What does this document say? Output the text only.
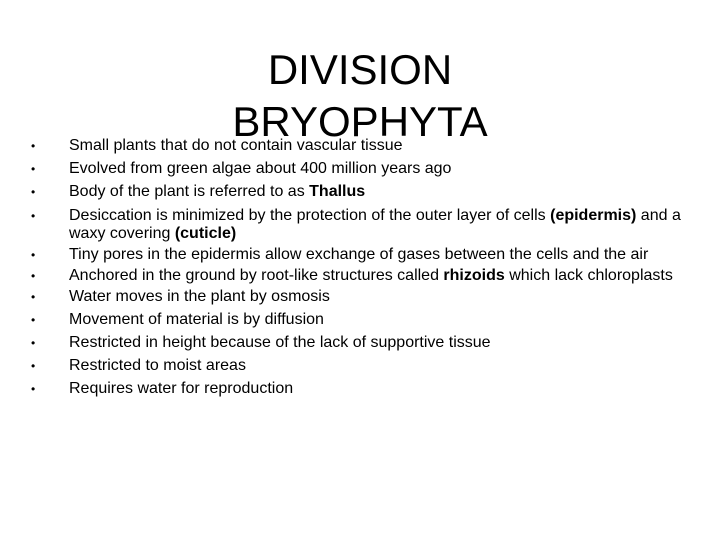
DIVISION
BRYOPHYTA
•	Small plants that do not contain vascular tissue
•	Evolved from green algae about 400 million years ago
•	Body of the plant is referred to as Thallus
•	Desiccation is minimized by the protection of the outer layer of cells (epidermis) and a waxy covering (cuticle)
•	Tiny pores in the epidermis allow exchange of gases between the cells and the air
•	Anchored in the ground by root-like structures called rhizoids which lack chloroplasts
•	Water moves in the plant by osmosis
•	Movement of material is by diffusion
•	Restricted in height because of the lack of supportive tissue
•	Restricted to moist areas
•	Requires water for reproduction
